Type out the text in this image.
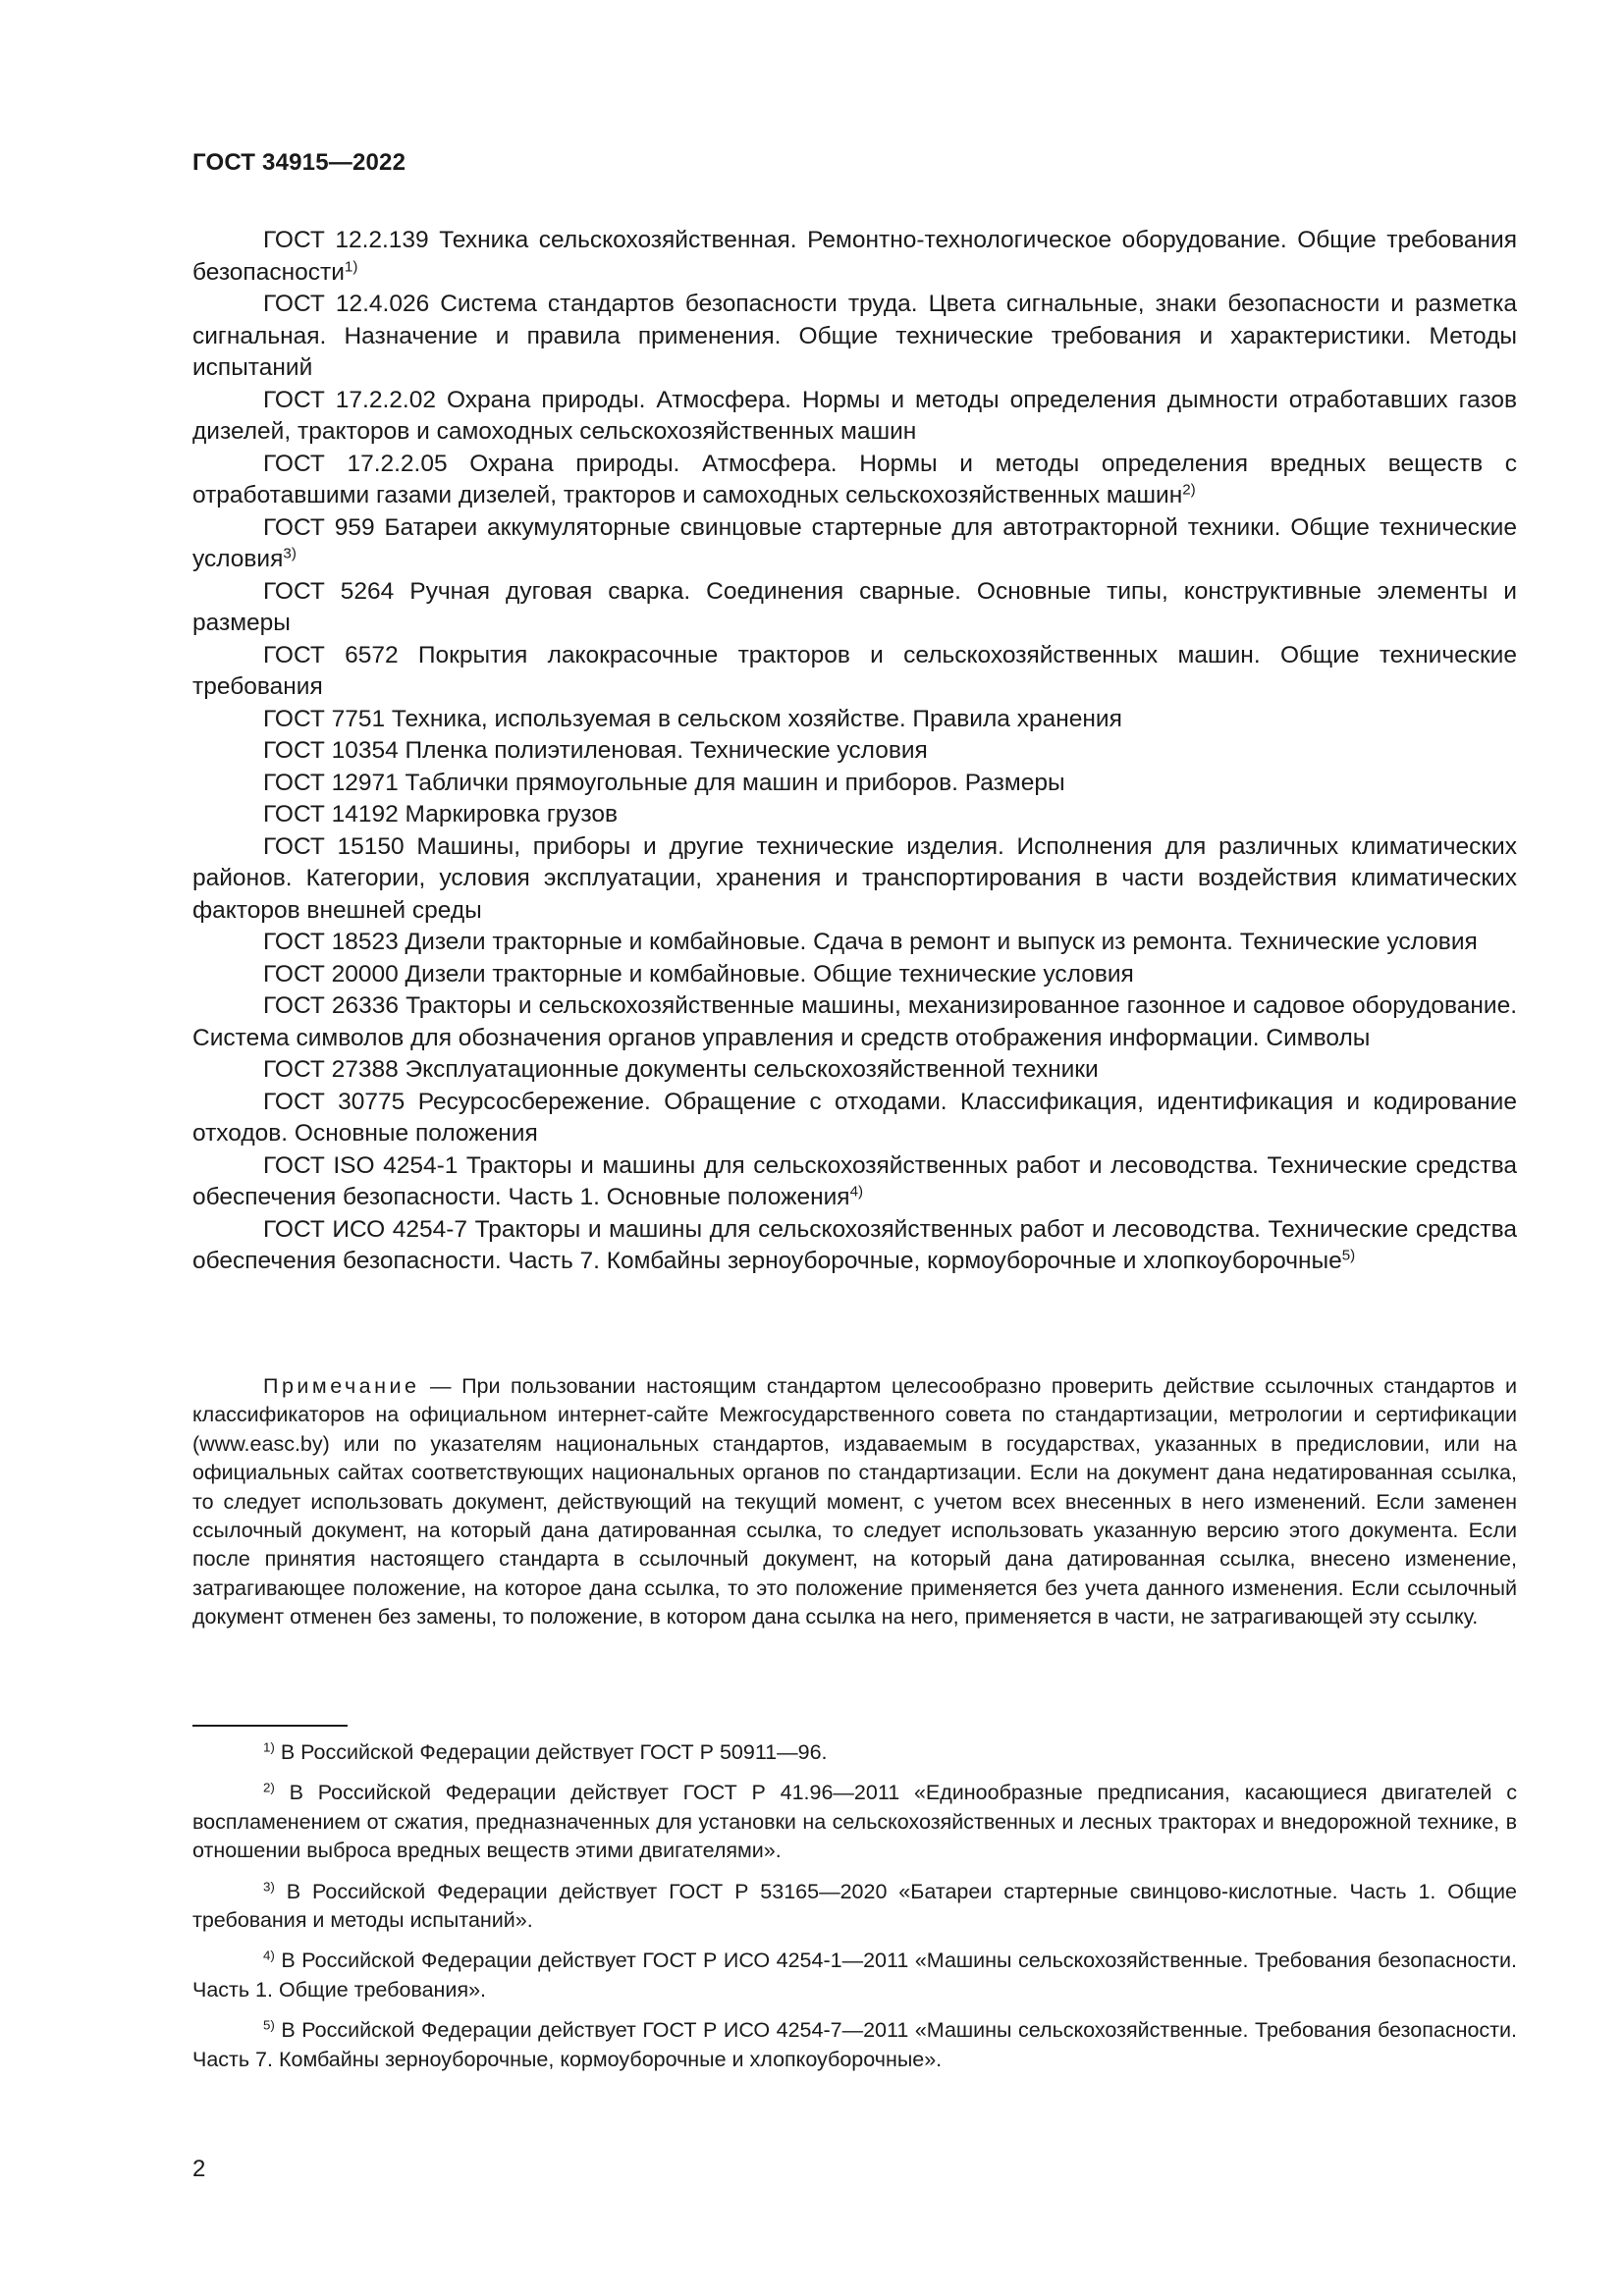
ГОСТ 34915—2022

ГОСТ 12.2.139 Техника сельскохозяйственная. Ремонтно-технологическое оборудование. Общие требования безопасности$^{1)}$

ГОСТ 12.4.026 Система стандартов безопасности труда. Цвета сигнальные, знаки безопасности и разметка сигнальная. Назначение и правила применения. Общие технические требования и характеристики. Методы испытаний

ГОСТ 17.2.2.02 Охрана природы. Атмосфера. Нормы и методы определения дымности отработавших газов дизелей, тракторов и самоходных сельскохозяйственных машин

ГОСТ 17.2.2.05 Охрана природы. Атмосфера. Нормы и методы определения вредных веществ с отработавшими газами дизелей, тракторов и самоходных сельскохозяйственных машин$^{2)}$

ГОСТ 959 Батареи аккумуляторные свинцовые стартерные для автотракторной техники. Общие технические условия$^{3)}$

ГОСТ 5264 Ручная дуговая сварка. Соединения сварные. Основные типы, конструктивные элементы и размеры

ГОСТ 6572 Покрытия лакокрасочные тракторов и сельскохозяйственных машин. Общие технические требования

ГОСТ 7751 Техника, используемая в сельском хозяйстве. Правила хранения

ГОСТ 10354 Пленка полиэтиленовая. Технические условия

ГОСТ 12971 Таблички прямоугольные для машин и приборов. Размеры

ГОСТ 14192 Маркировка грузов

ГОСТ 15150 Машины, приборы и другие технические изделия. Исполнения для различных климатических районов. Категории, условия эксплуатации, хранения и транспортирования в части воздействия климатических факторов внешней среды

ГОСТ 18523 Дизели тракторные и комбайновые. Сдача в ремонт и выпуск из ремонта. Технические условия

ГОСТ 20000 Дизели тракторные и комбайновые. Общие технические условия

ГОСТ 26336 Тракторы и сельскохозяйственные машины, механизированное газонное и садовое оборудование. Система символов для обозначения органов управления и средств отображения информации. Символы

ГОСТ 27388 Эксплуатационные документы сельскохозяйственной техники

ГОСТ 30775 Ресурсосбережение. Обращение с отходами. Классификация, идентификация и кодирование отходов. Основные положения

ГОСТ ISO 4254-1 Тракторы и машины для сельскохозяйственных работ и лесоводства. Технические средства обеспечения безопасности. Часть 1. Основные положения$^{4)}$

ГОСТ ИСО 4254-7 Тракторы и машины для сельскохозяйственных работ и лесоводства. Технические средства обеспечения безопасности. Часть 7. Комбайны зерноуборочные, кормоуборочные и хлопкоуборочные$^{5)}$

Примечание — При пользовании настоящим стандартом целесообразно проверить действие ссылочных стандартов и классификаторов на официальном интернет-сайте Межгосударственного совета по стандартизации, метрологии и сертификации (www.easc.by) или по указателям национальных стандартов, издаваемым в государствах, указанных в предисловии, или на официальных сайтах соответствующих национальных органов по стандартизации. Если на документ дана недатированная ссылка, то следует использовать документ, действующий на текущий момент, с учетом всех внесенных в него изменений. Если заменен ссылочный документ, на который дана датированная ссылка, то следует использовать указанную версию этого документа. Если после принятия настоящего стандарта в ссылочный документ, на который дана датированная ссылка, внесено изменение, затрагивающее положение, на которое дана ссылка, то это положение применяется без учета данного изменения. Если ссылочный документ отменен без замены, то положение, в котором дана ссылка на него, применяется в части, не затрагивающей эту ссылку.

$^{1)}$ В Российской Федерации действует ГОСТ Р 50911—96.

$^{2)}$ В Российской Федерации действует ГОСТ Р 41.96—2011 «Единообразные предписания, касающиеся двигателей с воспламенением от сжатия, предназначенных для установки на сельскохозяйственных и лесных тракторах и внедорожной технике, в отношении выброса вредных веществ этими двигателями».

$^{3)}$ В Российской Федерации действует ГОСТ Р 53165—2020 «Батареи стартерные свинцово-кислотные. Часть 1. Общие требования и методы испытаний».

$^{4)}$ В Российской Федерации действует ГОСТ Р ИСО 4254-1—2011 «Машины сельскохозяйственные. Требования безопасности. Часть 1. Общие требования».

$^{5)}$ В Российской Федерации действует ГОСТ Р ИСО 4254-7—2011 «Машины сельскохозяйственные. Требования безопасности. Часть 7. Комбайны зерноуборочные, кормоуборочные и хлопкоуборочные».

2
